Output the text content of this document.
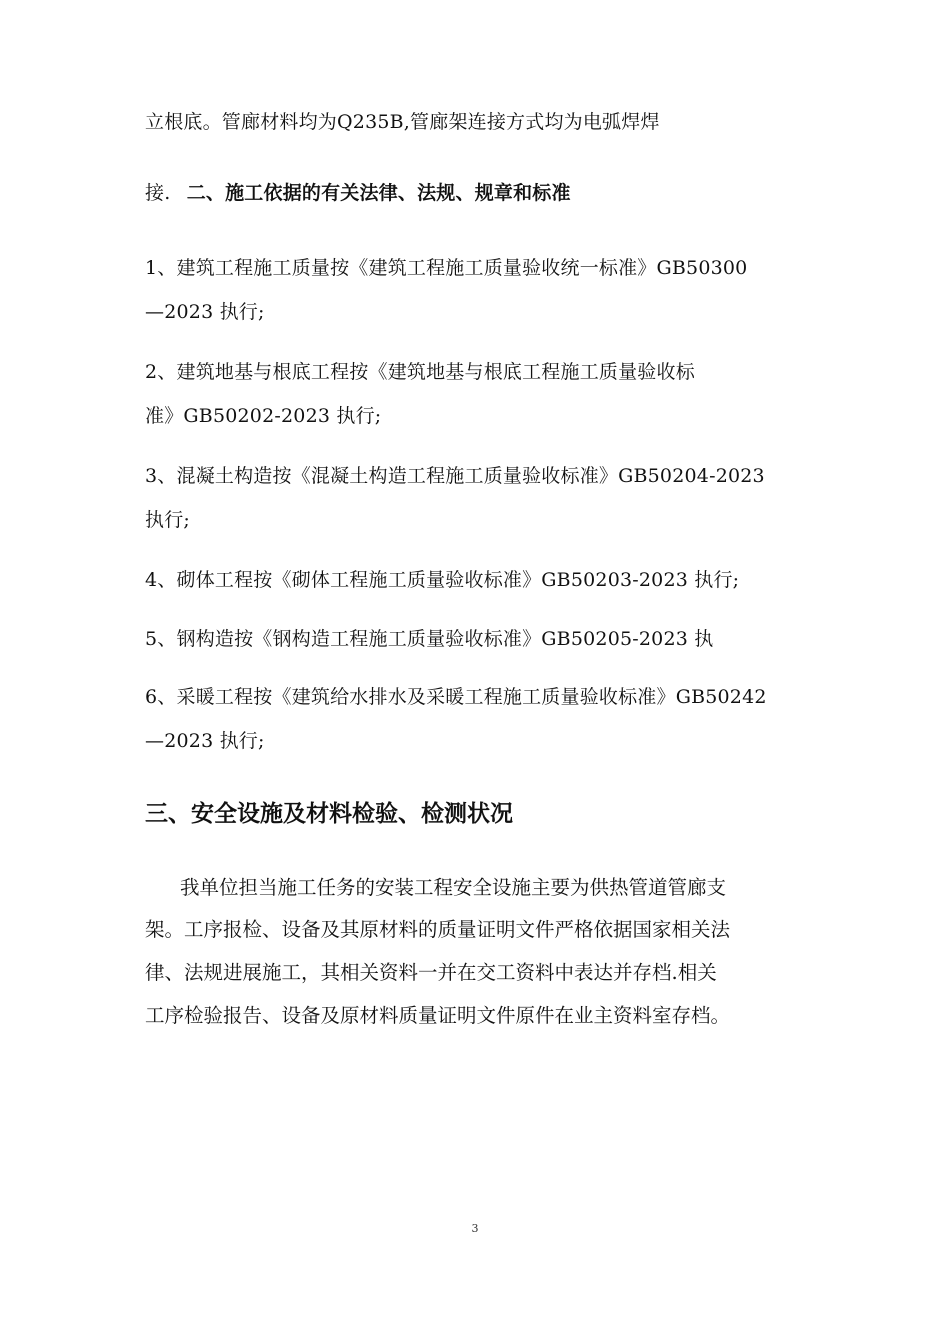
立根底。管廊材料均为Q235B,管廊架连接方式均为电弧焊焊
接. 二、施工依据的有关法律、法规、规章和标准
1、建筑工程施工质量按《建筑工程施工质量验收统一标准》GB50300
—2023 执行;
2、建筑地基与根底工程按《建筑地基与根底工程施工质量验收标
准》GB50202-2023 执行;
3、混凝土构造按《混凝土构造工程施工质量验收标准》GB50204-2023
执行;
4、砌体工程按《砌体工程施工质量验收标准》GB50203-2023 执行;
5、钢构造按《钢构造工程施工质量验收标准》GB50205-2023 执
6、采暖工程按《建筑给水排水及采暖工程施工质量验收标准》GB50242
—2023 执行;
三、安全设施及材料检验、检测状况
我单位担当施工任务的安装工程安全设施主要为供热管道管廊支
架。工序报检、设备及其原材料的质量证明文件严格依据国家相关法
律、法规进展施工，其相关资料一并在交工资料中表达并存档.相关
工序检验报告、设备及原材料质量证明文件原件在业主资料室存档。
3
